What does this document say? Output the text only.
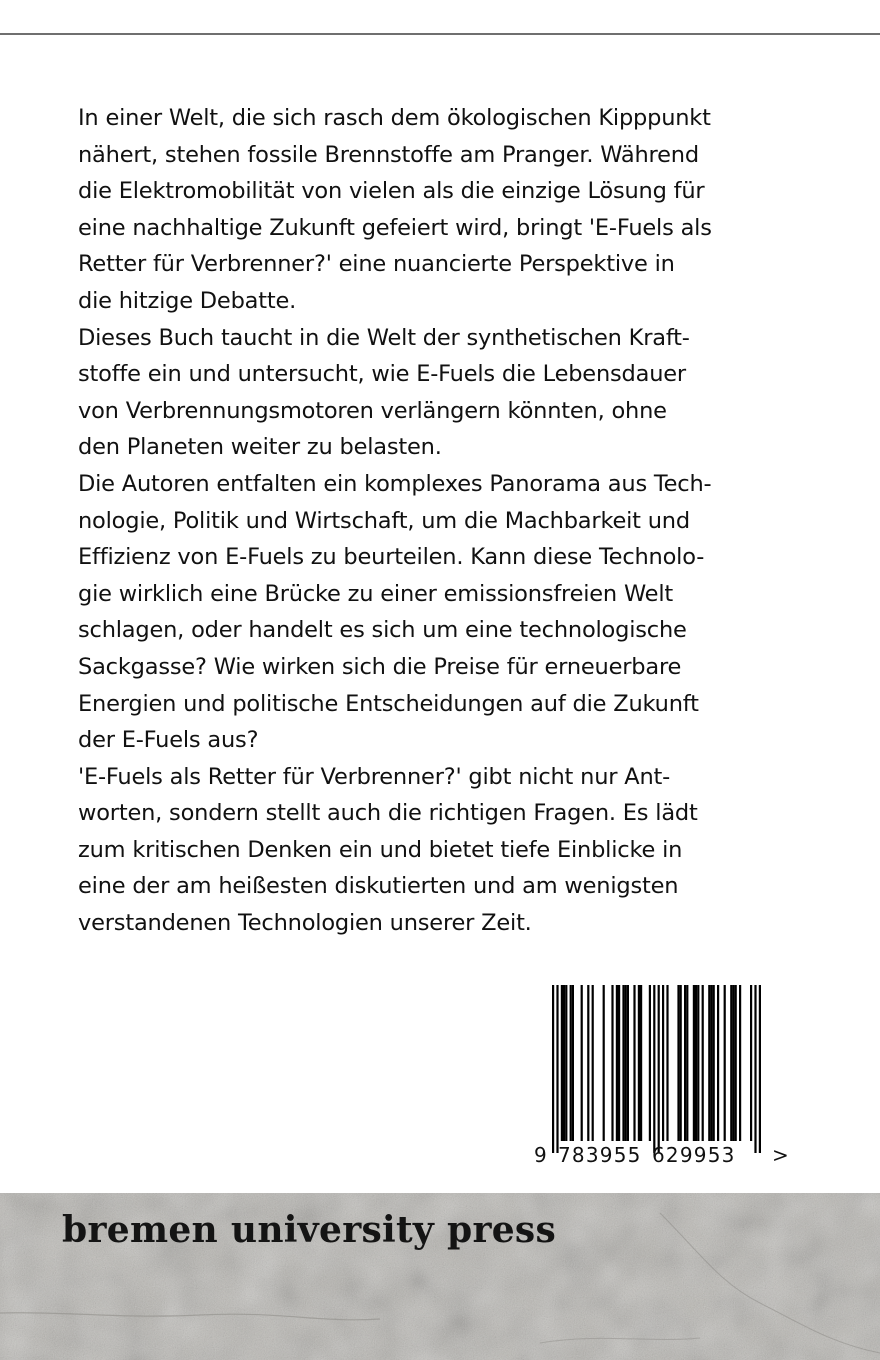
In einer Welt, die sich rasch dem ökologischen Kipppunkt

nähert, stehen fossile Brennstoffe am Pranger. Während

die Elektromobilität von vielen als die einzige Lösung für

eine nachhaltige Zukunft gefeiert wird, bringt 'E-Fuels als

Retter für Verbrenner?' eine nuancierte Perspektive in

die hitzige Debatte.

Dieses Buch taucht in die Welt der synthetischen Kraft-

stoffe ein und untersucht, wie E-Fuels die Lebensdauer

von Verbrennungsmotoren verlängern könnten, ohne

den Planeten weiter zu belasten.

Die Autoren entfalten ein komplexes Panorama aus Tech-

nologie, Politik und Wirtschaft, um die Machbarkeit und

Effizienz von E-Fuels zu beurteilen. Kann diese Technolo-

gie wirklich eine Brücke zu einer emissionsfreien Welt

schlagen, oder handelt es sich um eine technologische

Sackgasse? Wie wirken sich die Preise für erneuerbare

Energien und politische Entscheidungen auf die Zukunft

der E-Fuels aus?

'E-Fuels als Retter für Verbrenner?' gibt nicht nur Ant-

worten, sondern stellt auch die richtigen Fragen. Es lädt

zum kritischen Denken ein und bietet tiefe Einblicke in

eine der am heißesten diskutierten und am wenigsten

verstandenen Technologien unserer Zeit.

9 783955 629953 >
bremen university press
